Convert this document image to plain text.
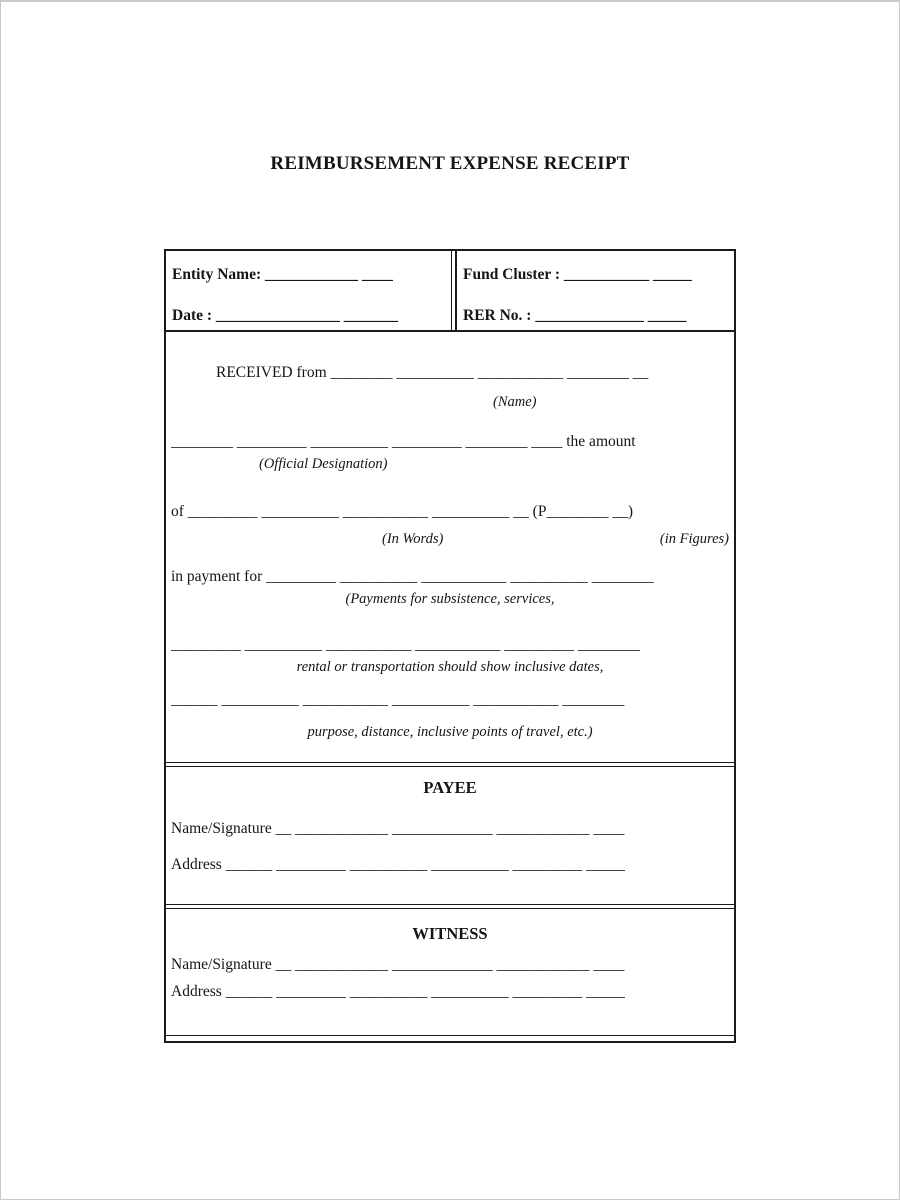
REIMBURSEMENT EXPENSE RECEIPT
Entity Name: ____________ ____
Date : ________________ _______
Fund Cluster : ___________ _____
RER No. : ______________ _____
RECEIVED from ________ __________ ___________ ________ __
(Name)
________ _________ __________ _________ ________ ____ the amount
(Official Designation)
of _________ __________ ___________ __________ __ (P________ __)
(In Words)	(in Figures)
in payment for _________ __________ ___________ __________ ________
(Payments for subsistence, services,
_________ __________ ___________ ___________ _________ ________
rental or transportation should show inclusive dates,
______ __________ ___________ __________ ___________ ________
purpose, distance, inclusive points of travel, etc.)
PAYEE
Name/Signature __ ____________ _____________ ____________ ____
Address ______ _________ __________ __________ _________ _____
WITNESS
Name/Signature __ ____________ _____________ ____________ ____
Address ______ _________ __________ __________ _________ _____
